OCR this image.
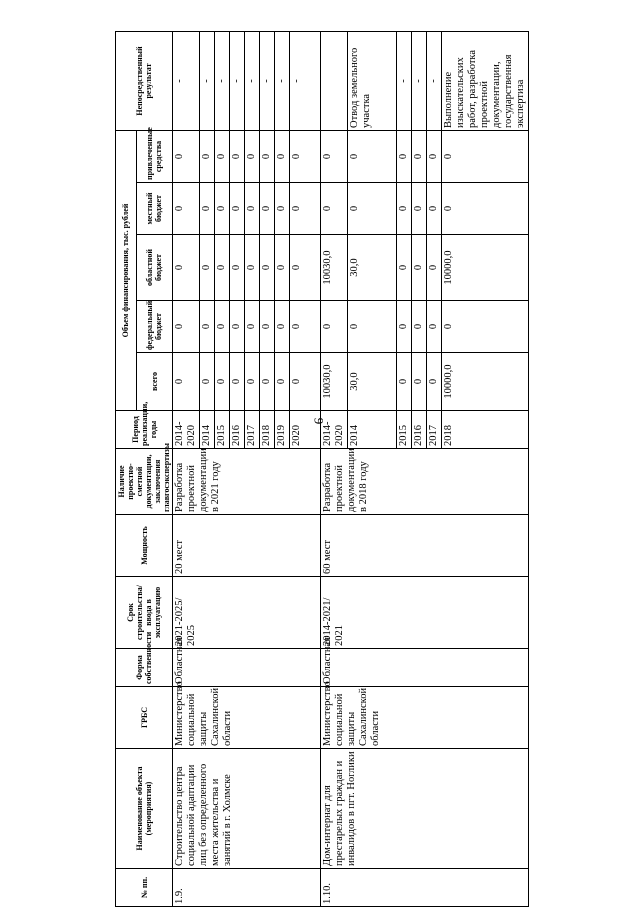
9
№ пп.	Наименование объекта (мероприятия)	ГРБС	Форма собственности	Срок строительства/ ввода в эксплуатацию	Мощность	Наличие проектно-сметной документации, заключения главгосэкспертизы	Период реализации, годы	Объем финансирования, тыс. рублей					Непосредственный результат
								всего	федеральный бюджет	областной бюджет	местный бюджет	привлеченные средства	
1.9.	Строительство центра социальной адаптации лиц без определенного места жительства и занятий в г. Холмске	Министерство социальной защиты Сахалинской области	Областная	2021-2025/ 2025	20 мест	Разработка проектной документации в 2021 году	2014-2020	0	0	0	0	0	-
							2014	0	0	0	0	0	-
							2015	0	0	0	0	0	-
							2016	0	0	0	0	0	-
							2017	0	0	0	0	0	-
							2018	0	0	0	0	0	-
							2019	0	0	0	0	0	-
							2020	0	0	0	0	0	-
1.10.	Дом-интернат для престарелых граждан и инвалидов в пгт. Ноглики	Министерство социальной защиты Сахалинской области	Областная	2014-2021/ 2021	60 мест	Разработка проектной документации в 2018 году	2014-2020	10030,0	0	10030,0	0	0	
							2014	30,0	0	30,0	0	0	Отвод земельного участка
							2015	0	0	0	0	0	-
							2016	0	0	0	0	0	-
							2017	0	0	0	0	0	-
							2018	10000,0	0	10000,0	0	0	Выполнение изыскательских работ, разработка проектной документации, государственная экспертиза
